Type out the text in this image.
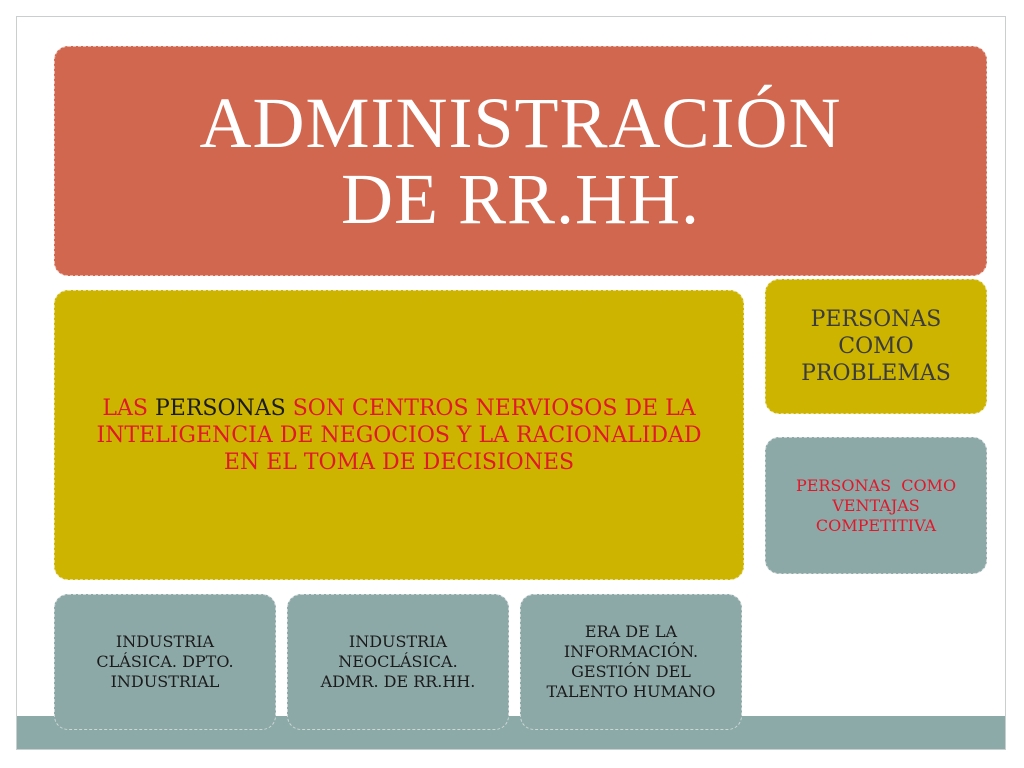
ADMINISTRACIÓN
DE RR.HH.
LAS PERSONAS SON CENTROS NERVIOSOS DE LA INTELIGENCIA DE NEGOCIOS Y LA RACIONALIDAD EN EL TOMA DE DECISIONES
PERSONAS COMO PROBLEMAS
PERSONAS  COMO VENTAJAS COMPETITIVA
INDUSTRIA CLÁSICA. DPTO. INDUSTRIAL
INDUSTRIA NEOCLÁSICA. ADMR. DE RR.HH.
ERA DE LA INFORMACIÓN. GESTIÓN DEL TALENTO HUMANO
